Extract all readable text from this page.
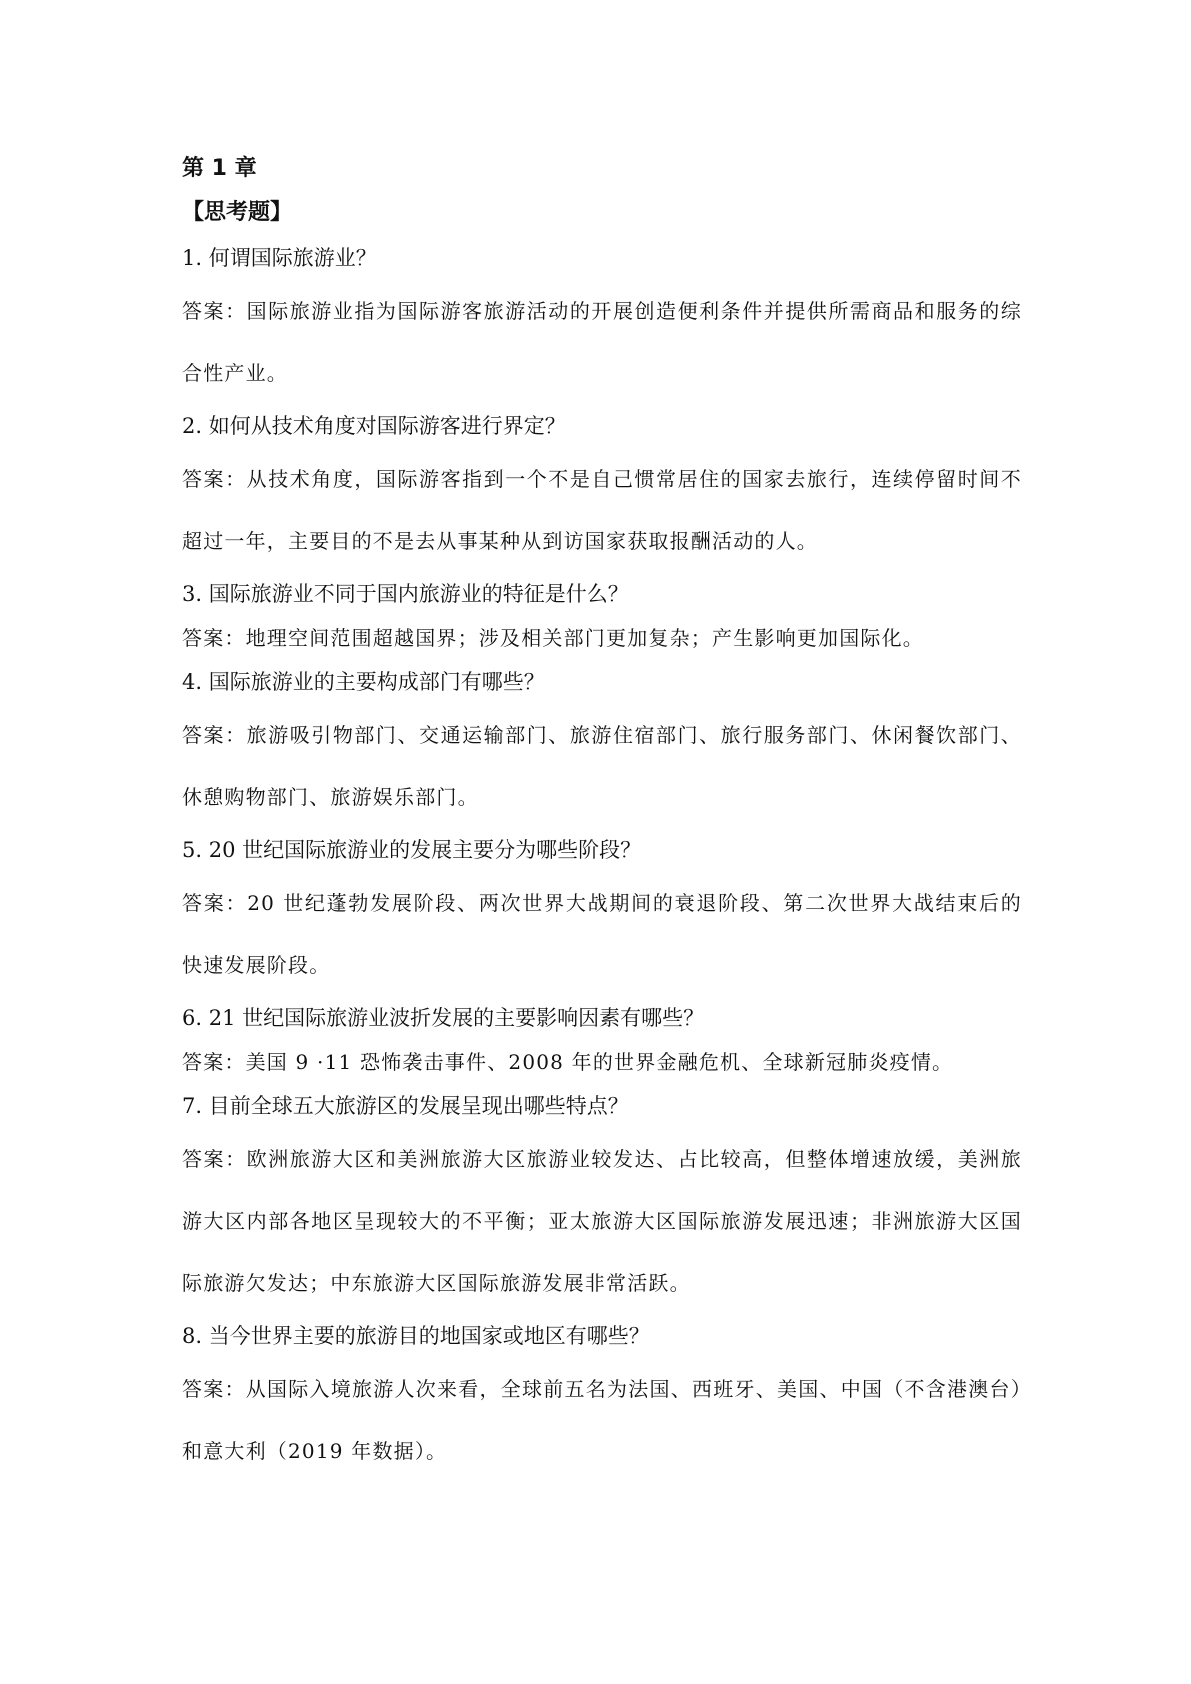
第 1 章
【思考题】
1. 何谓国际旅游业？
答案：国际旅游业指为国际游客旅游活动的开展创造便利条件并提供所需商品和服务的综合性产业。
2. 如何从技术角度对国际游客进行界定？
答案：从技术角度，国际游客指到一个不是自己惯常居住的国家去旅行，连续停留时间不超过一年，主要目的不是去从事某种从到访国家获取报酬活动的人。
3. 国际旅游业不同于国内旅游业的特征是什么？
答案：地理空间范围超越国界；涉及相关部门更加复杂；产生影响更加国际化。
4. 国际旅游业的主要构成部门有哪些？
答案：旅游吸引物部门、交通运输部门、旅游住宿部门、旅行服务部门、休闲餐饮部门、休憩购物部门、旅游娱乐部门。
5. 20 世纪国际旅游业的发展主要分为哪些阶段？
答案：20 世纪蓬勃发展阶段、两次世界大战期间的衰退阶段、第二次世界大战结束后的快速发展阶段。
6. 21 世纪国际旅游业波折发展的主要影响因素有哪些？
答案：美国 9 ·11 恐怖袭击事件、2008 年的世界金融危机、全球新冠肺炎疫情。
7. 目前全球五大旅游区的发展呈现出哪些特点？
答案：欧洲旅游大区和美洲旅游大区旅游业较发达、占比较高，但整体增速放缓，美洲旅游大区内部各地区呈现较大的不平衡；亚太旅游大区国际旅游发展迅速；非洲旅游大区国际旅游欠发达；中东旅游大区国际旅游发展非常活跃。
8. 当今世界主要的旅游目的地国家或地区有哪些？
答案：从国际入境旅游人次来看，全球前五名为法国、西班牙、美国、中国（不含港澳台）和意大利（2019 年数据）。
